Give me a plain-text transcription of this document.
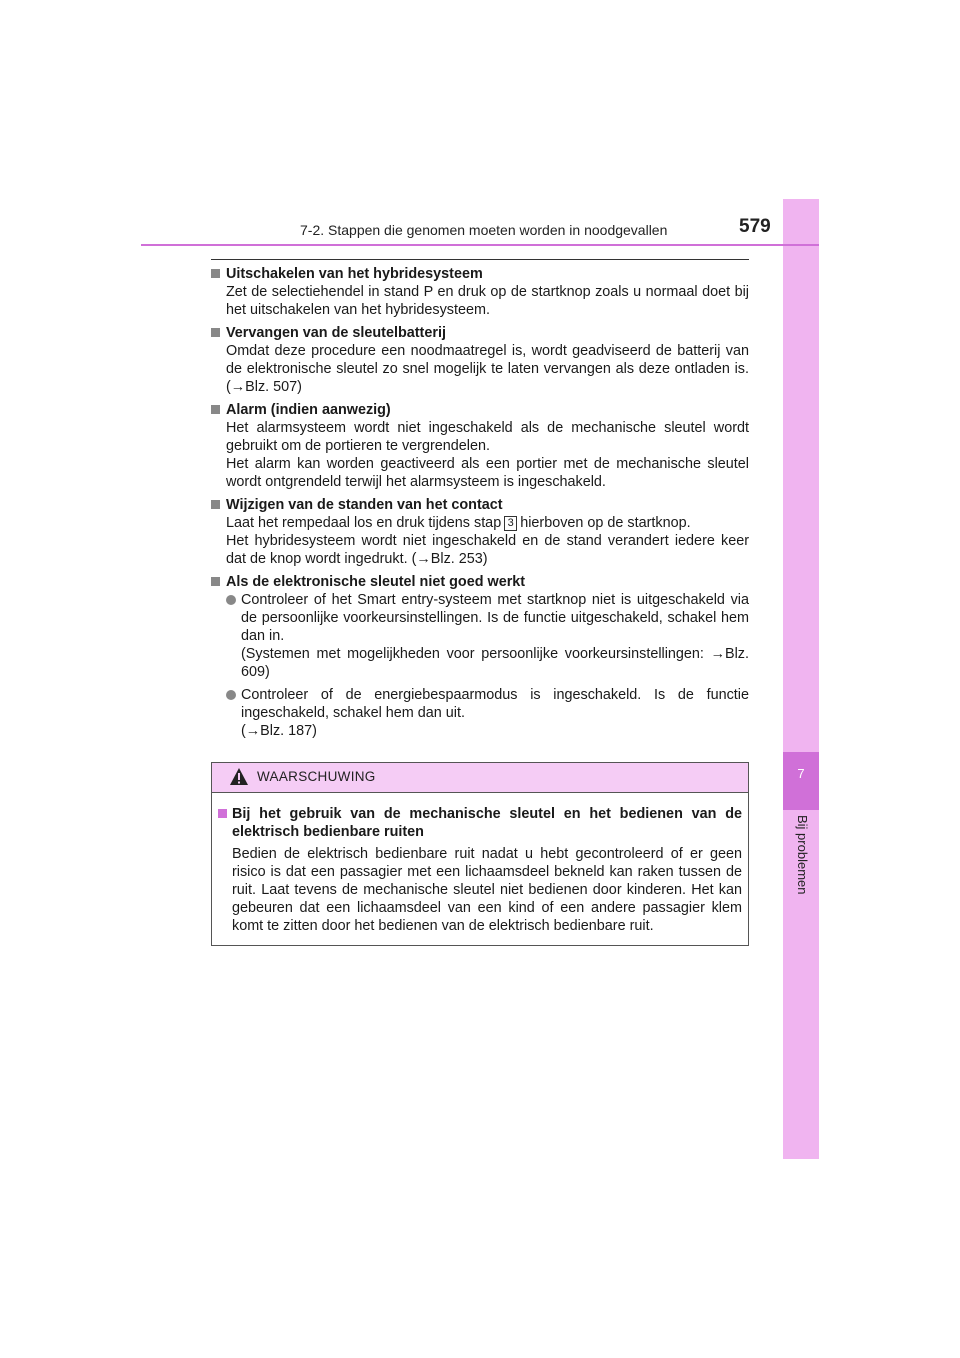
7
Bij problemen
7-2. Stappen die genomen moeten worden in noodgevallen	579
Uitschakelen van het hybridesysteem

Zet de selectiehendel in stand P en druk op de startknop zoals u normaal doet bij het uitschakelen van het hybridesysteem.

Vervangen van de sleutelbatterij

Omdat deze procedure een noodmaatregel is, wordt geadviseerd de batterij van de elektronische sleutel zo snel mogelijk te laten vervangen als deze ontladen is. (→Blz. 507)

Alarm (indien aanwezig)

Het alarmsysteem wordt niet ingeschakeld als de mechanische sleutel wordt gebruikt om de portieren te vergrendelen.

Het alarm kan worden geactiveerd als een portier met de mechanische sleutel wordt ontgrendeld terwijl het alarmsysteem is ingeschakeld.

Wijzigen van de standen van het contact

Laat het rempedaal los en druk tijdens stap 3 hierboven op de startknop.

Het hybridesysteem wordt niet ingeschakeld en de stand verandert iedere keer dat de knop wordt ingedrukt. (→Blz. 253)

Als de elektronische sleutel niet goed werkt
Controleer of het Smart entry-systeem met startknop niet is uitgeschakeld via de persoonlijke voorkeursinstellingen. Is de functie uitgeschakeld, schakel hem dan in.
(Systemen met mogelijkheden voor persoonlijke voorkeursinstellingen: →Blz. 609)
Controleer of de energiebespaarmodus is ingeschakeld. Is de functie ingeschakeld, schakel hem dan uit.
(→Blz. 187)
WAARSCHUWING
Bij het gebruik van de mechanische sleutel en het bedienen van de elektrisch bedienbare ruiten
Bedien de elektrisch bedienbare ruit nadat u hebt gecontroleerd of er geen risico is dat een passagier met een lichaamsdeel bekneld kan raken tussen de ruit. Laat tevens de mechanische sleutel niet bedienen door kinderen. Het kan gebeuren dat een lichaamsdeel van een kind of een andere passagier klem komt te zitten door het bedienen van de elektrisch bedienbare ruit.
